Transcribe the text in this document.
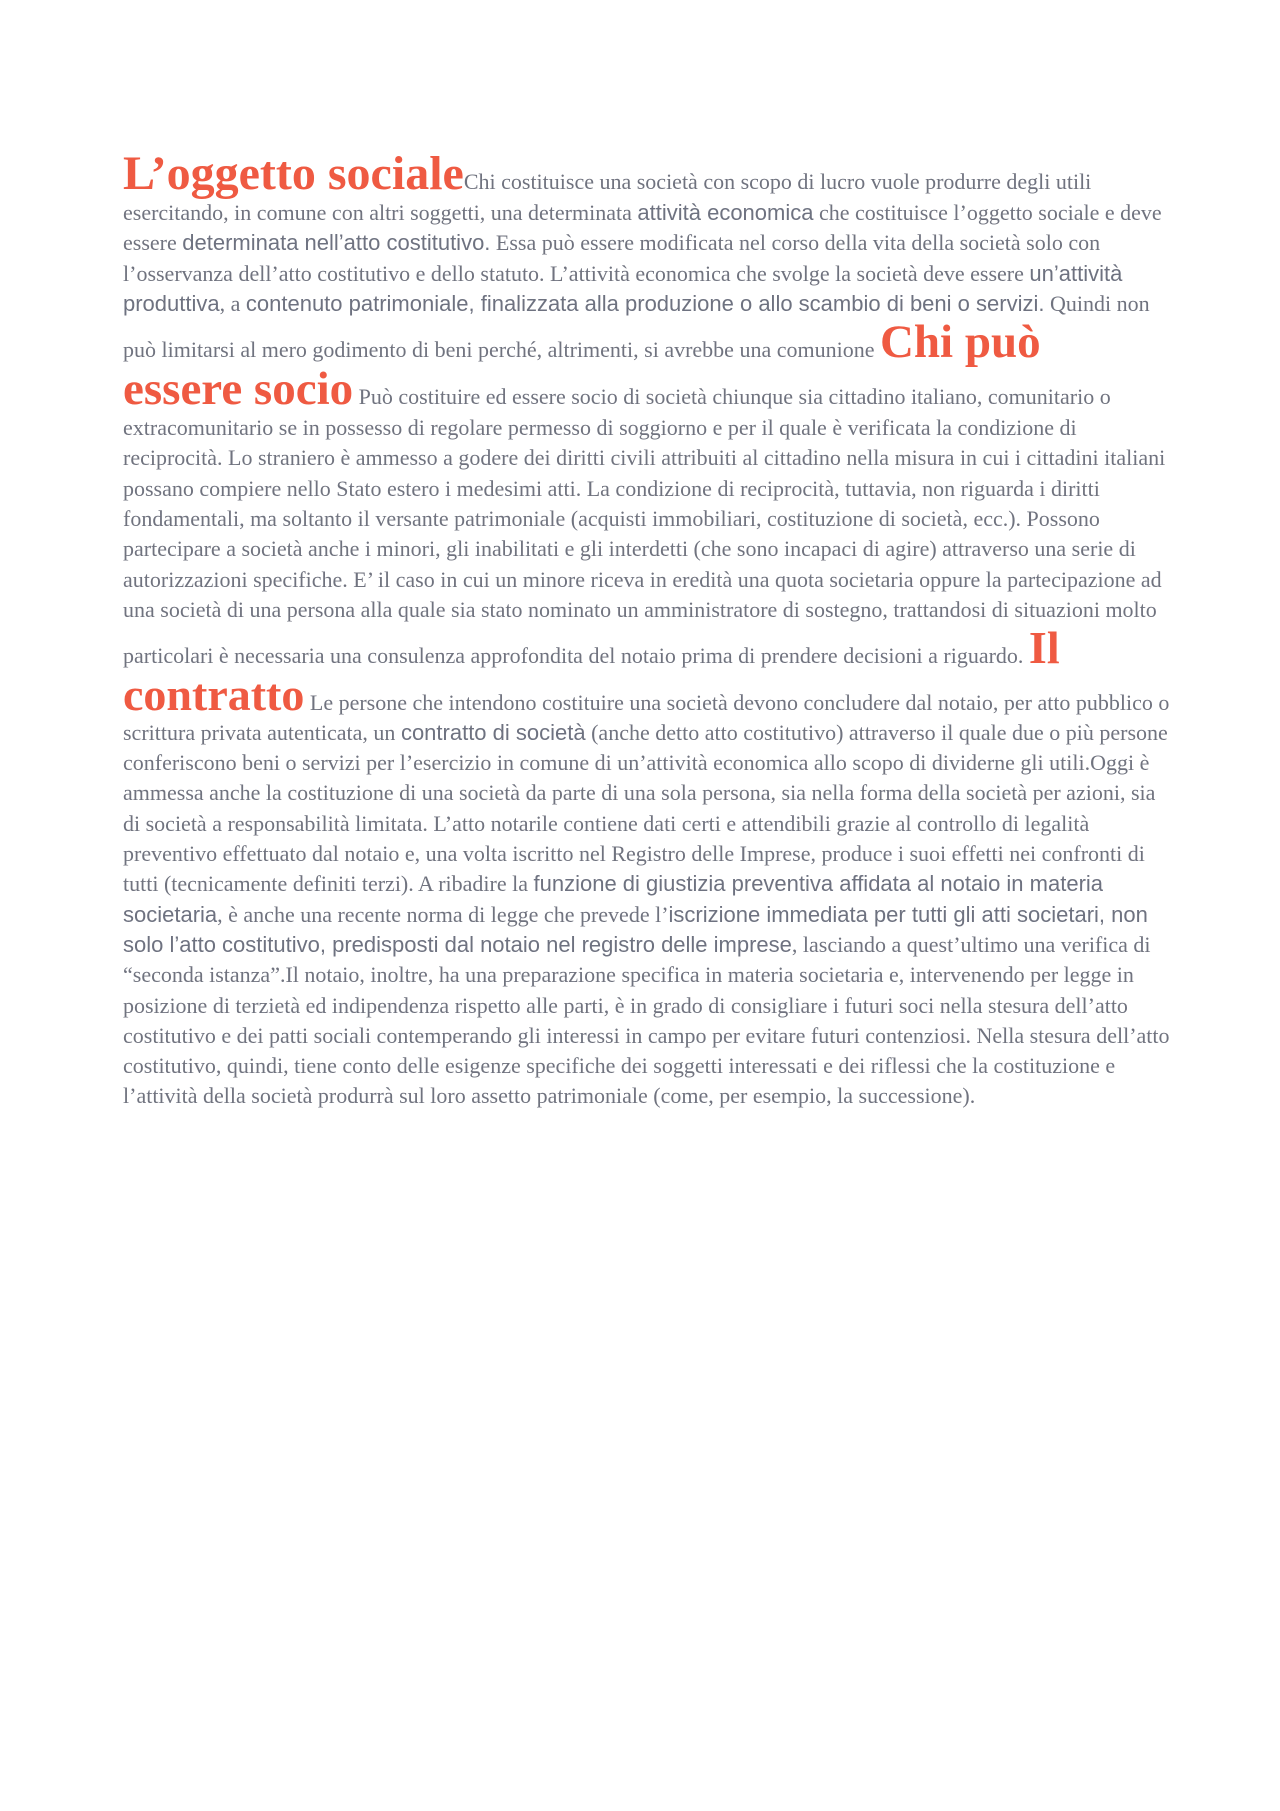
L’oggetto socialeChi costituisce una società con scopo di lucro vuole produrre degli utili esercitando, in comune con altri soggetti, una determinata attività economica che costituisce l’oggetto sociale e deve essere determinata nell’atto costitutivo. Essa può essere modificata nel corso della vita della società solo con l’osservanza dell’atto costitutivo e dello statuto. L’attività economica che svolge la società deve essere un’attività produttiva, a contenuto patrimoniale, finalizzata alla produzione o allo scambio di beni o servizi. Quindi non può limitarsi al mero godimento di beni perché, altrimenti, si avrebbe una comunione Chi può essere socio Può costituire ed essere socio di società chiunque sia cittadino italiano, comunitario o extracomunitario se in possesso di regolare permesso di soggiorno e per il quale è verificata la condizione di reciprocità. Lo straniero è ammesso a godere dei diritti civili attribuiti al cittadino nella misura in cui i cittadini italiani possano compiere nello Stato estero i medesimi atti. La condizione di reciprocità, tuttavia, non riguarda i diritti fondamentali, ma soltanto il versante patrimoniale (acquisti immobiliari, costituzione di società, ecc.). Possono partecipare a società anche i minori, gli inabilitati e gli interdetti (che sono incapaci di agire) attraverso una serie di autorizzazioni specifiche. E’ il caso in cui un minore riceva in eredità una quota societaria oppure la partecipazione ad una società di una persona alla quale sia stato nominato un amministratore di sostegno, trattandosi di situazioni molto particolari è necessaria una consulenza approfondita del notaio prima di prendere decisioni a riguardo. Il contratto Le persone che intendono costituire una società devono concludere dal notaio, per atto pubblico o scrittura privata autenticata, un contratto di società (anche detto atto costitutivo) attraverso il quale due o più persone conferiscono beni o servizi per l’esercizio in comune di un’attività economica allo scopo di dividerne gli utili.Oggi è ammessa anche la costituzione di una società da parte di una sola persona, sia nella forma della società per azioni, sia di società a responsabilità limitata. L’atto notarile contiene dati certi e attendibili grazie al controllo di legalità preventivo effettuato dal notaio e, una volta iscritto nel Registro delle Imprese, produce i suoi effetti nei confronti di tutti (tecnicamente definiti terzi). A ribadire la funzione di giustizia preventiva affidata al notaio in materia societaria, è anche una recente norma di legge che prevede l’iscrizione immediata per tutti gli atti societari, non solo l’atto costitutivo, predisposti dal notaio nel registro delle imprese, lasciando a quest’ultimo una verifica di “seconda istanza”.Il notaio, inoltre, ha una preparazione specifica in materia societaria e, intervenendo per legge in posizione di terzietà ed indipendenza rispetto alle parti, è in grado di consigliare i futuri soci nella stesura dell’atto costitutivo e dei patti sociali contemperando gli interessi in campo per evitare futuri contenziosi. Nella stesura dell’atto costitutivo, quindi, tiene conto delle esigenze specifiche dei soggetti interessati e dei riflessi che la costituzione e l’attività della società produrrà sul loro assetto patrimoniale (come, per esempio, la successione).
